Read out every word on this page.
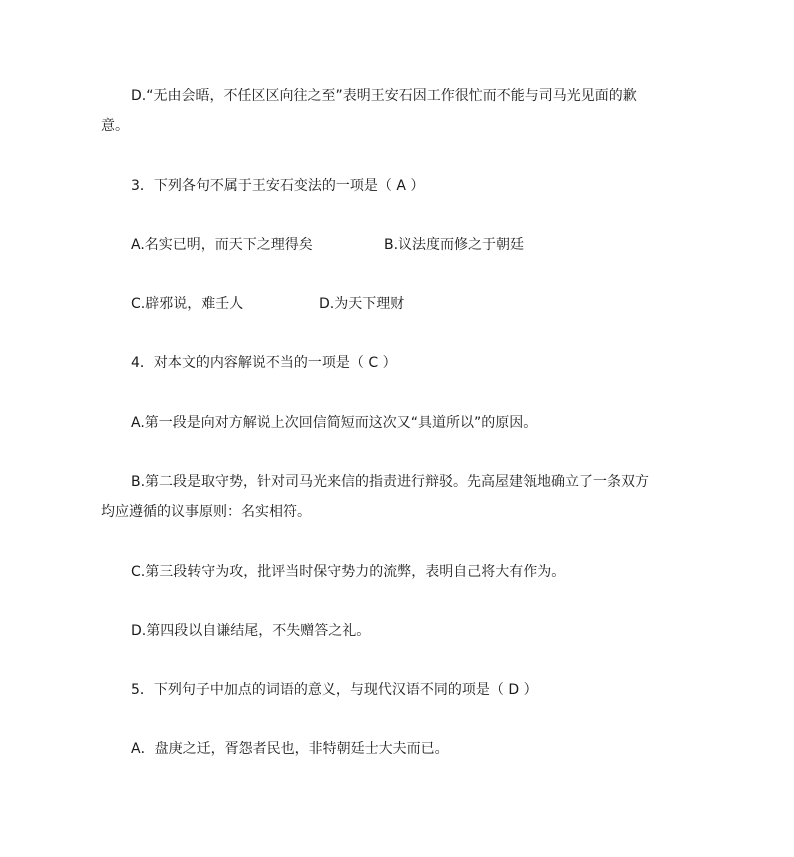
D.“无由会晤，不任区区向往之至”表明王安石因工作很忙而不能与司马光见面的歉
意。
3．下列各句不属于王安石变法的一项是（ A ）
A.名实已明，而天下之理得矣	B.议法度而修之于朝廷
C.辟邪说，难壬人	D.为天下理财
4．对本文的内容解说不当的一项是（ C ）
A.第一段是向对方解说上次回信简短而这次又“具道所以”的原因。
B.第二段是取守势，针对司马光来信的指责进行辩驳。先高屋建瓴地确立了一条双方
均应遵循的议事原则：名实相符。
C.第三段转守为攻，批评当时保守势力的流弊，表明自己将大有作为。
D.第四段以自谦结尾，不失赠答之礼。
5．下列句子中加点的词语的意义，与现代汉语不同的项是（ D ）
A．盘庚之迁，胥怨者民也，非特朝廷士大夫而已。
